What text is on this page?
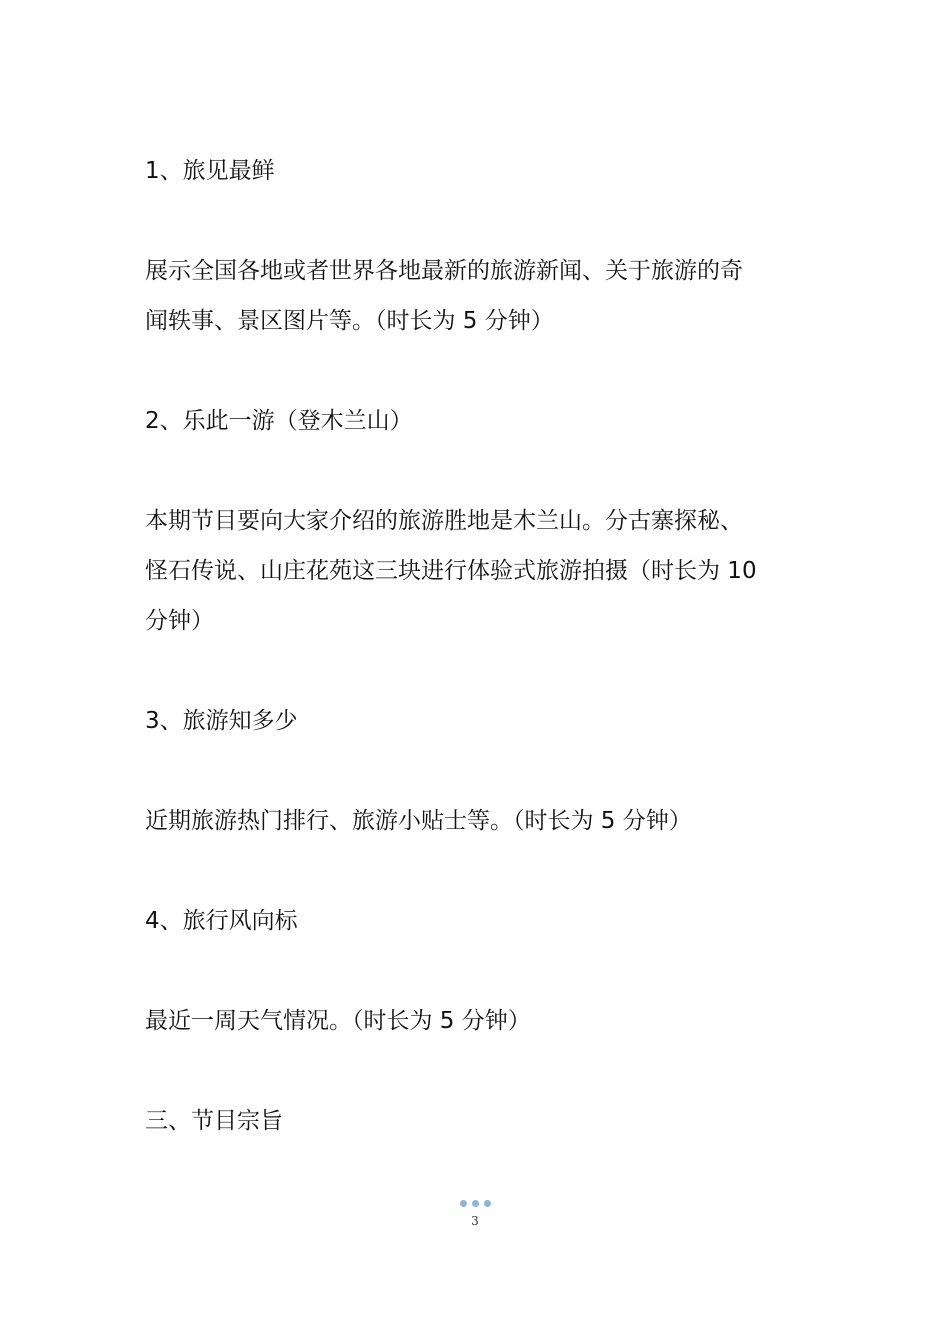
1、旅见最鲜

展示全国各地或者世界各地最新的旅游新闻、关于旅游的奇
闻轶事、景区图片等。（时长为 5 分钟）

2、乐此一游（登木兰山）

本期节目要向大家介绍的旅游胜地是木兰山。分古寨探秘、
怪石传说、山庄花苑这三块进行体验式旅游拍摄（时长为 10
分钟）

3、旅游知多少

近期旅游热门排行、旅游小贴士等。（时长为 5 分钟）

4、旅行风向标

最近一周天气情况。（时长为 5 分钟）

三、节目宗旨

3
